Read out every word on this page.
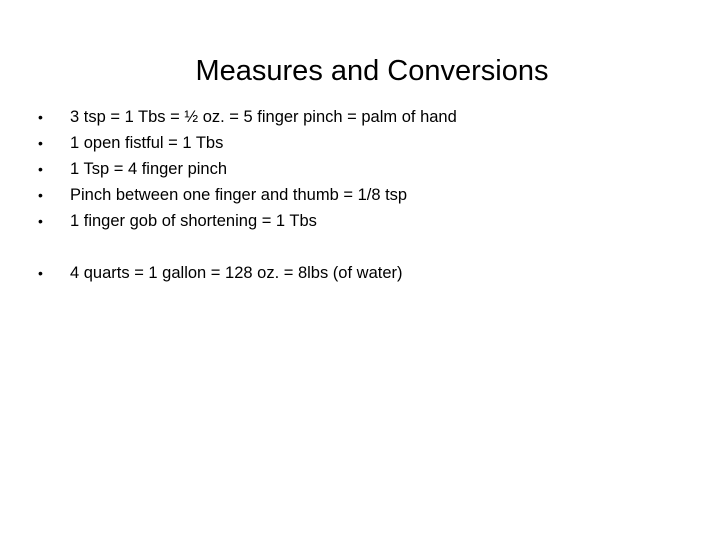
Measures and Conversions
• 3 tsp = 1 Tbs = ½ oz. = 5 finger pinch = palm of hand
• 1 open fistful = 1 Tbs
• 1 Tsp = 4 finger pinch
• Pinch between one finger and thumb = 1/8 tsp
• 1 finger gob of shortening = 1 Tbs
• 4 quarts = 1 gallon = 128 oz. = 8lbs (of water)
